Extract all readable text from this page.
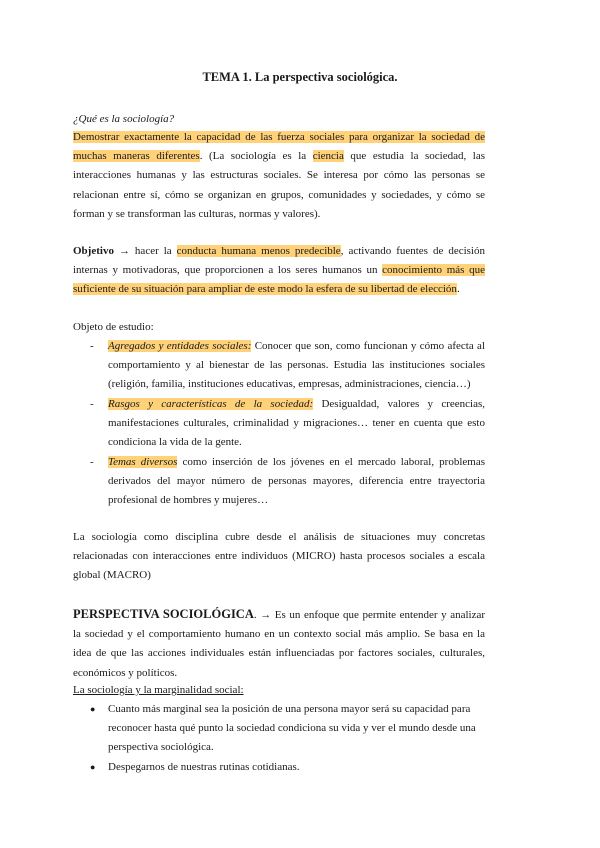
TEMA 1. La perspectiva sociológica.
¿Qué es la sociología?
Demostrar exactamente la capacidad de las fuerza sociales para organizar la sociedad de muchas maneras diferentes. (La sociología es la ciencia que estudia la sociedad, las interacciones humanas y las estructuras sociales. Se interesa por cómo las personas se relacionan entre sí, cómo se organizan en grupos, comunidades y sociedades, y cómo se forman y se transforman las culturas, normas y valores).
Objetivo → hacer la conducta humana menos predecible, activando fuentes de decisión internas y motivadoras, que proporcionen a los seres humanos un conocimiento más que suficiente de su situación para ampliar de este modo la esfera de su libertad de elección.
Objeto de estudio:
- Agregados y entidades sociales: Conocer que son, como funcionan y cómo afecta al comportamiento y al bienestar de las personas. Estudia las instituciones sociales (religión, familia, instituciones educativas, empresas, administraciones, ciencia…)
- Rasgos y características de la sociedad: Desigualdad, valores y creencias, manifestaciones culturales, criminalidad y migraciones… tener en cuenta que esto condiciona la vida de la gente.
- Temas diversos como inserción de los jóvenes en el mercado laboral, problemas derivados del mayor número de personas mayores, diferencia entre trayectoria profesional de hombres y mujeres…
La sociología como disciplina cubre desde el análisis de situaciones muy concretas relacionadas con interacciones entre individuos (MICRO) hasta procesos sociales a escala global (MACRO)
PERSPECTIVA SOCIOLÓGICA. → Es un enfoque que permite entender y analizar la sociedad y el comportamiento humano en un contexto social más amplio. Se basa en la idea de que las acciones individuales están influenciadas por factores sociales, culturales, económicos y políticos.
La sociología y la marginalidad social:
● Cuanto más marginal sea la posición de una persona mayor será su capacidad para reconocer hasta qué punto la sociedad condiciona su vida y ver el mundo desde una perspectiva sociológica.
● Despegarnos de nuestras rutinas cotidianas.
